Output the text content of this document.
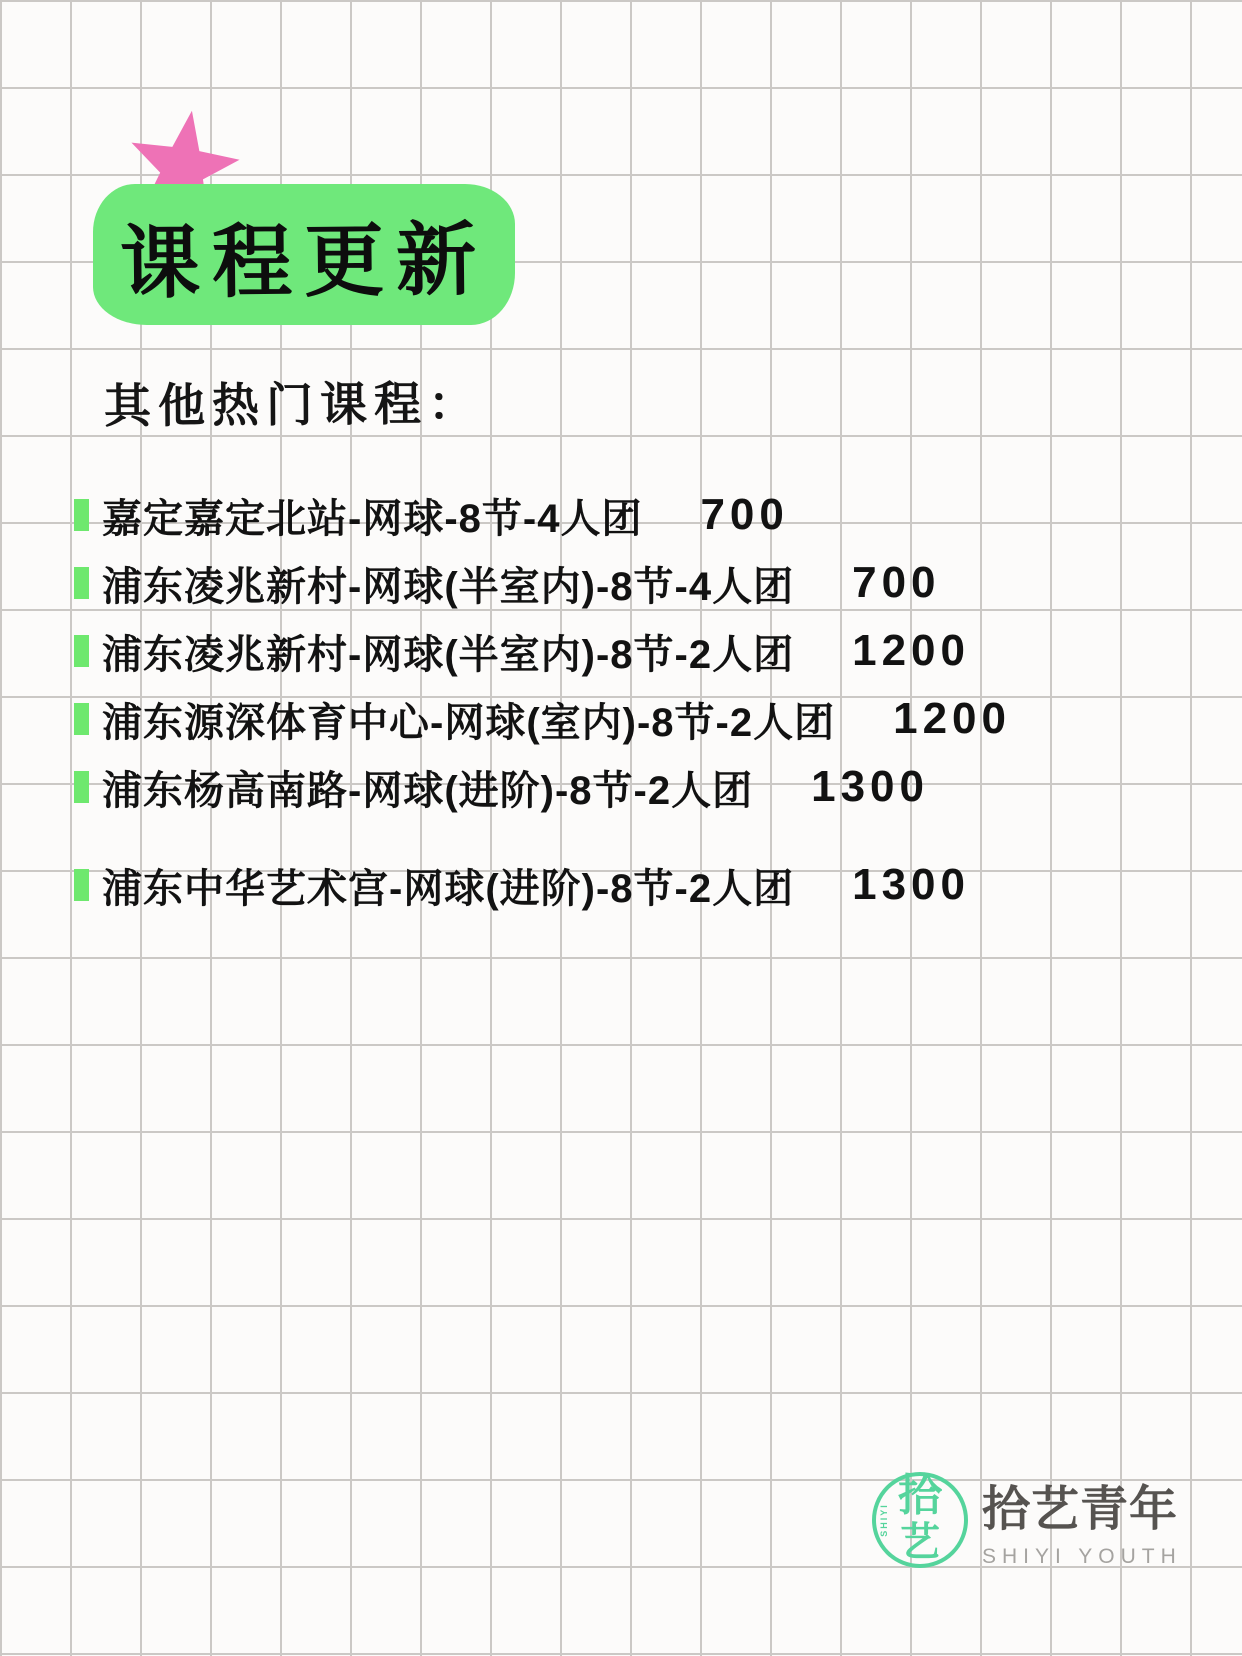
课程更新
其他热门课程：
嘉定嘉定北站-网球-8节-4人团 700
浦东凌兆新村-网球(半室内)-8节-4人团 700
浦东凌兆新村-网球(半室内)-8节-2人团 1200
浦东源深体育中心-网球(室内)-8节-2人团 1200
浦东杨高南路-网球(进阶)-8节-2人团 1300
浦东中华艺术宫-网球(进阶)-8节-2人团 1300
SHIYI 拾
艺
拾艺青年
SHIYI YOUTH
